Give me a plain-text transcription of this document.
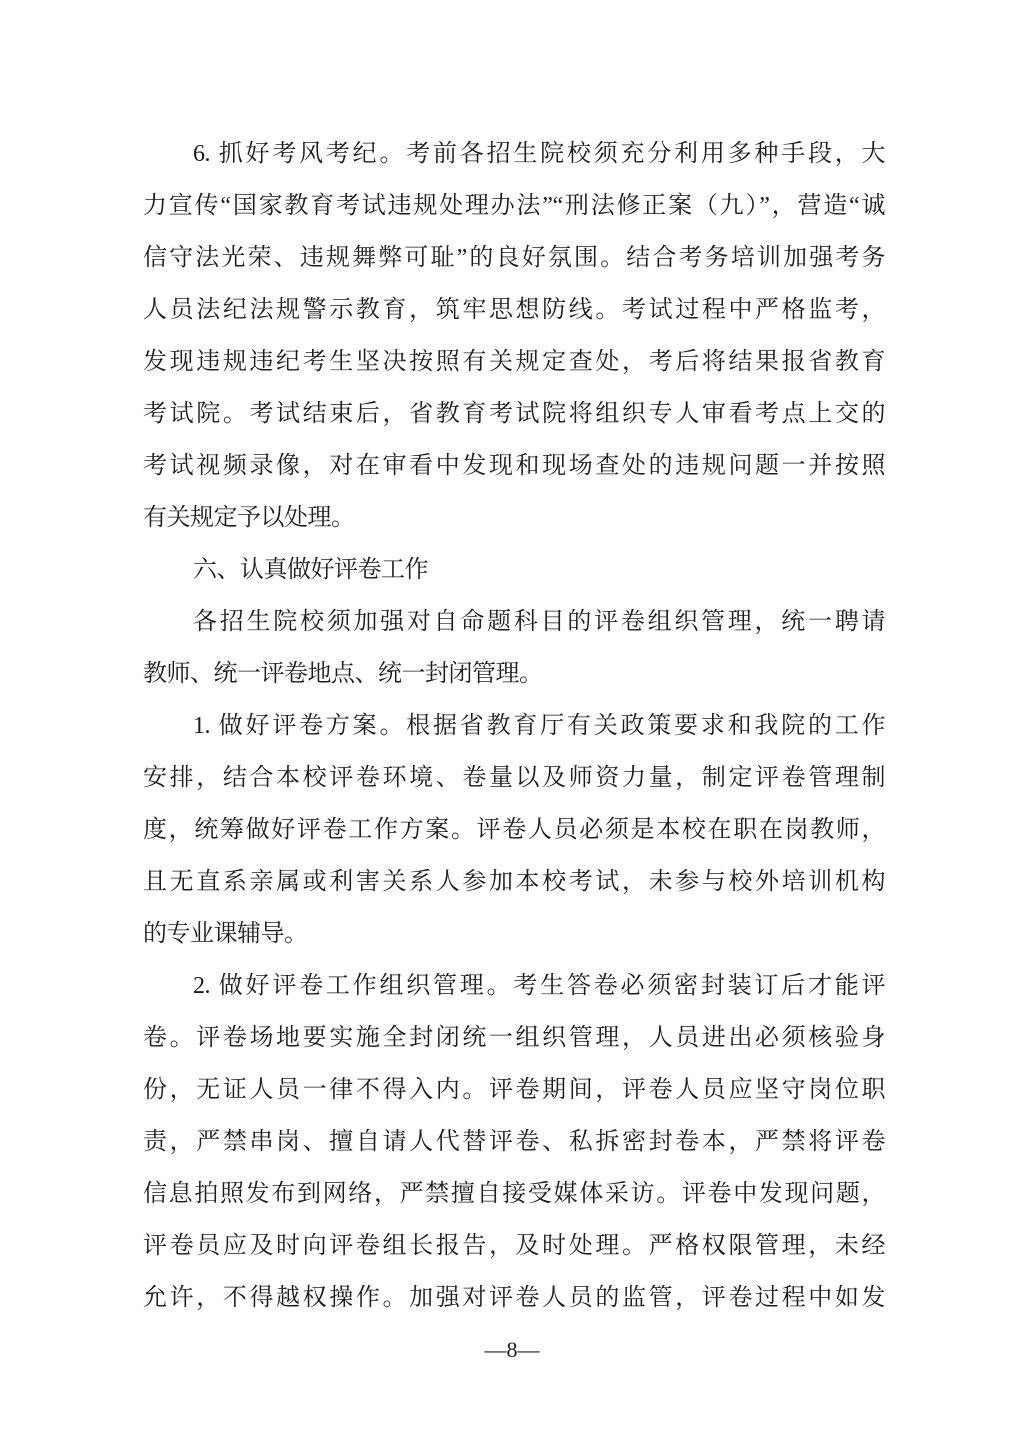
6. 抓好考风考纪。考前各招生院校须充分利用多种手段，大
力宣传“国家教育考试违规处理办法”“刑法修正案（九）”，营造“诚
信守法光荣、违规舞弊可耻”的良好氛围。结合考务培训加强考务
人员法纪法规警示教育，筑牢思想防线。考试过程中严格监考，
发现违规违纪考生坚决按照有关规定查处，考后将结果报省教育
考试院。考试结束后，省教育考试院将组织专人审看考点上交的
考试视频录像，对在审看中发现和现场查处的违规问题一并按照
有关规定予以处理。
六、认真做好评卷工作
各招生院校须加强对自命题科目的评卷组织管理，统一聘请
教师、统一评卷地点、统一封闭管理。
1. 做好评卷方案。根据省教育厅有关政策要求和我院的工作
安排，结合本校评卷环境、卷量以及师资力量，制定评卷管理制
度，统筹做好评卷工作方案。评卷人员必须是本校在职在岗教师，
且无直系亲属或利害关系人参加本校考试，未参与校外培训机构
的专业课辅导。
2. 做好评卷工作组织管理。考生答卷必须密封装订后才能评
卷。评卷场地要实施全封闭统一组织管理，人员进出必须核验身
份，无证人员一律不得入内。评卷期间，评卷人员应坚守岗位职
责，严禁串岗、擅自请人代替评卷、私拆密封卷本，严禁将评卷
信息拍照发布到网络，严禁擅自接受媒体采访。评卷中发现问题，
评卷员应及时向评卷组长报告，及时处理。严格权限管理，未经
允许，不得越权操作。加强对评卷人员的监管，评卷过程中如发
—8—
